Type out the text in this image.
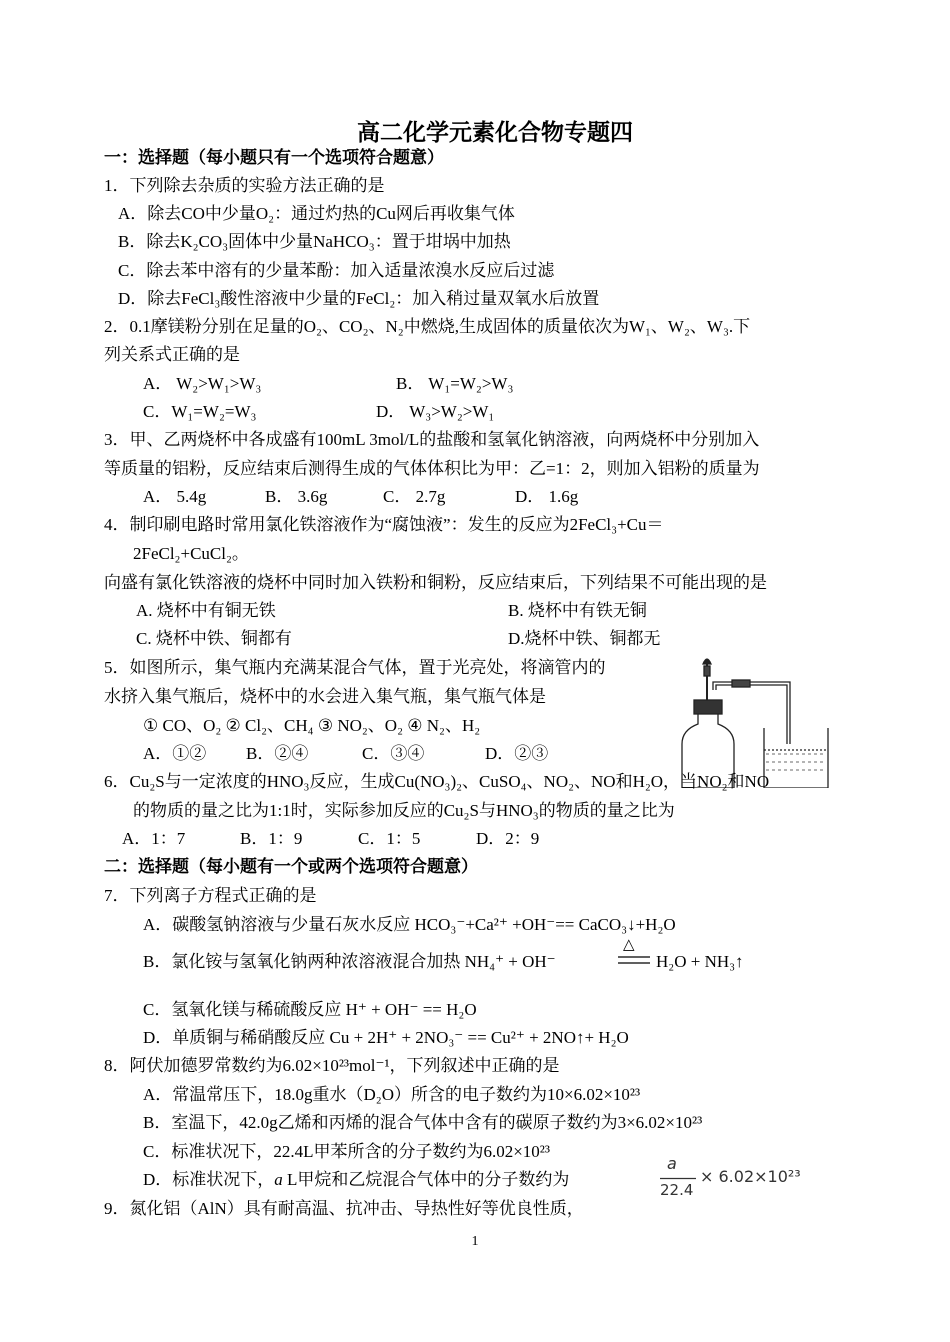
高二化学元素化合物专题四
一：选择题（每小题只有一个选项符合题意）
1．下列除去杂质的实验方法正确的是
A．除去CO中少量O₂：通过灼热的Cu网后再收集气体
B．除去K₂CO₃固体中少量NaHCO₃：置于坩埚中加热
C．除去苯中溶有的少量苯酚：加入适量浓溴水反应后过滤
D．除去FeCl₃酸性溶液中少量的FeCl₂：加入稍过量双氧水后放置
2．0.1摩镁粉分别在足量的O₂、CO₂、N₂中燃烧,生成固体的质量依次为W₁、W₂、W₃.下
列关系式正确的是
A． W₂>W₁>W₃	B． W₁=W₂>W₃
C．W₁=W₂=W₃	D． W₃>W₂>W₁
3．甲、乙两烧杯中各成盛有100mL 3mol/L的盐酸和氢氧化钠溶液，向两烧杯中分别加入
等质量的铝粉，反应结束后测得生成的气体体积比为甲：乙=1：2，则加入铝粉的质量为
A． 5.4g	B． 3.6g	C． 2.7g	D． 1.6g
4．制印刷电路时常用氯化铁溶液作为“腐蚀液”：发生的反应为2FeCl₃+Cu＝
2FeCl₂+CuCl₂。
向盛有氯化铁溶液的烧杯中同时加入铁粉和铜粉，反应结束后，下列结果不可能出现的是
A. 烧杯中有铜无铁	B. 烧杯中有铁无铜
C. 烧杯中铁、铜都有	D.烧杯中铁、铜都无
5．如图所示，集气瓶内充满某混合气体，置于光亮处，将滴管内的
水挤入集气瓶后，烧杯中的水会进入集气瓶，集气瓶气体是
① CO、O₂ ② Cl₂、CH₄ ③ NO₂、O₂ ④ N₂、H₂
A．①② B．②④	C．③④	D．②③
6．Cu₂S与一定浓度的HNO₃反应，生成Cu(NO₃)₂、CuSO₄、NO₂、NO和H₂O，当NO₂和NO
的物质的量之比为1:1时，实际参加反应的Cu₂S与HNO₃的物质的量之比为
A．1：7	B．1：9	C．1：5	D．2：9
二：选择题（每小题有一个或两个选项符合题意）
7．下列离子方程式正确的是
A．碳酸氢钠溶液与少量石灰水反应 HCO₃⁻+Ca²⁺ +OH⁻== CaCO₃↓+H₂O
B．氯化铵与氢氧化钠两种浓溶液混合加热 NH₄⁺ + OH⁻
△
H₂O + NH₃↑
C．氢氧化镁与稀硫酸反应 H⁺ + OH⁻ == H₂O
D．单质铜与稀硝酸反应 Cu + 2H⁺ + 2NO₃⁻ == Cu²⁺ + 2NO↑+ H₂O
8．阿伏加德罗常数约为6.02×10²³mol⁻¹，下列叙述中正确的是
A．常温常压下，18.0g重水（D₂O）所含的电子数约为10×6.02×10²³
B．室温下，42.0g乙烯和丙烯的混合气体中含有的碳原子数约为3×6.02×10²³
C．标准状况下，22.4L甲苯所含的分子数约为6.02×10²³
D．标准状况下，a L甲烷和乙烷混合气体中的分子数约为
a
22.4
× 6.02×10²³
9．氮化铝（AlN）具有耐高温、抗冲击、导热性好等优良性质，
1
